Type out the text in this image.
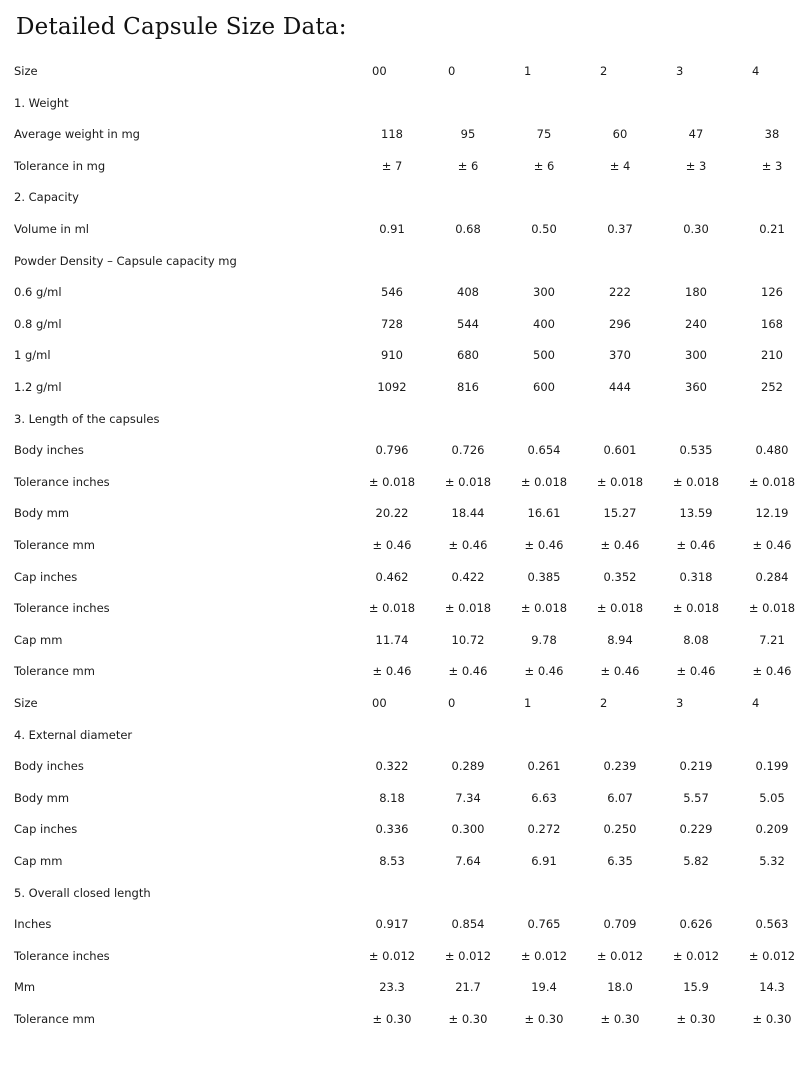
Detailed Capsule Size Data:
Size	00	0	1	2	3	4
1. Weight						
Average weight in mg	118	95	75	60	47	38
Tolerance in mg	± 7	± 6	± 6	± 4	± 3	± 3
2. Capacity						
Volume in ml	0.91	0.68	0.50	0.37	0.30	0.21
Powder Density – Capsule capacity mg						
0.6 g/ml	546	408	300	222	180	126
0.8 g/ml	728	544	400	296	240	168
1 g/ml	910	680	500	370	300	210
1.2 g/ml	1092	816	600	444	360	252
3. Length of the capsules						
Body inches	0.796	0.726	0.654	0.601	0.535	0.480
Tolerance inches	± 0.018	± 0.018	± 0.018	± 0.018	± 0.018	± 0.018
Body mm	20.22	18.44	16.61	15.27	13.59	12.19
Tolerance mm	± 0.46	± 0.46	± 0.46	± 0.46	± 0.46	± 0.46
Cap inches	0.462	0.422	0.385	0.352	0.318	0.284
Tolerance inches	± 0.018	± 0.018	± 0.018	± 0.018	± 0.018	± 0.018
Cap mm	11.74	10.72	9.78	8.94	8.08	7.21
Tolerance mm	± 0.46	± 0.46	± 0.46	± 0.46	± 0.46	± 0.46
Size	00	0	1	2	3	4
4. External diameter						
Body inches	0.322	0.289	0.261	0.239	0.219	0.199
Body mm	8.18	7.34	6.63	6.07	5.57	5.05
Cap inches	0.336	0.300	0.272	0.250	0.229	0.209
Cap mm	8.53	7.64	6.91	6.35	5.82	5.32
5. Overall closed length						
Inches	0.917	0.854	0.765	0.709	0.626	0.563
Tolerance inches	± 0.012	± 0.012	± 0.012	± 0.012	± 0.012	± 0.012
Mm	23.3	21.7	19.4	18.0	15.9	14.3
Tolerance mm	± 0.30	± 0.30	± 0.30	± 0.30	± 0.30	± 0.30
